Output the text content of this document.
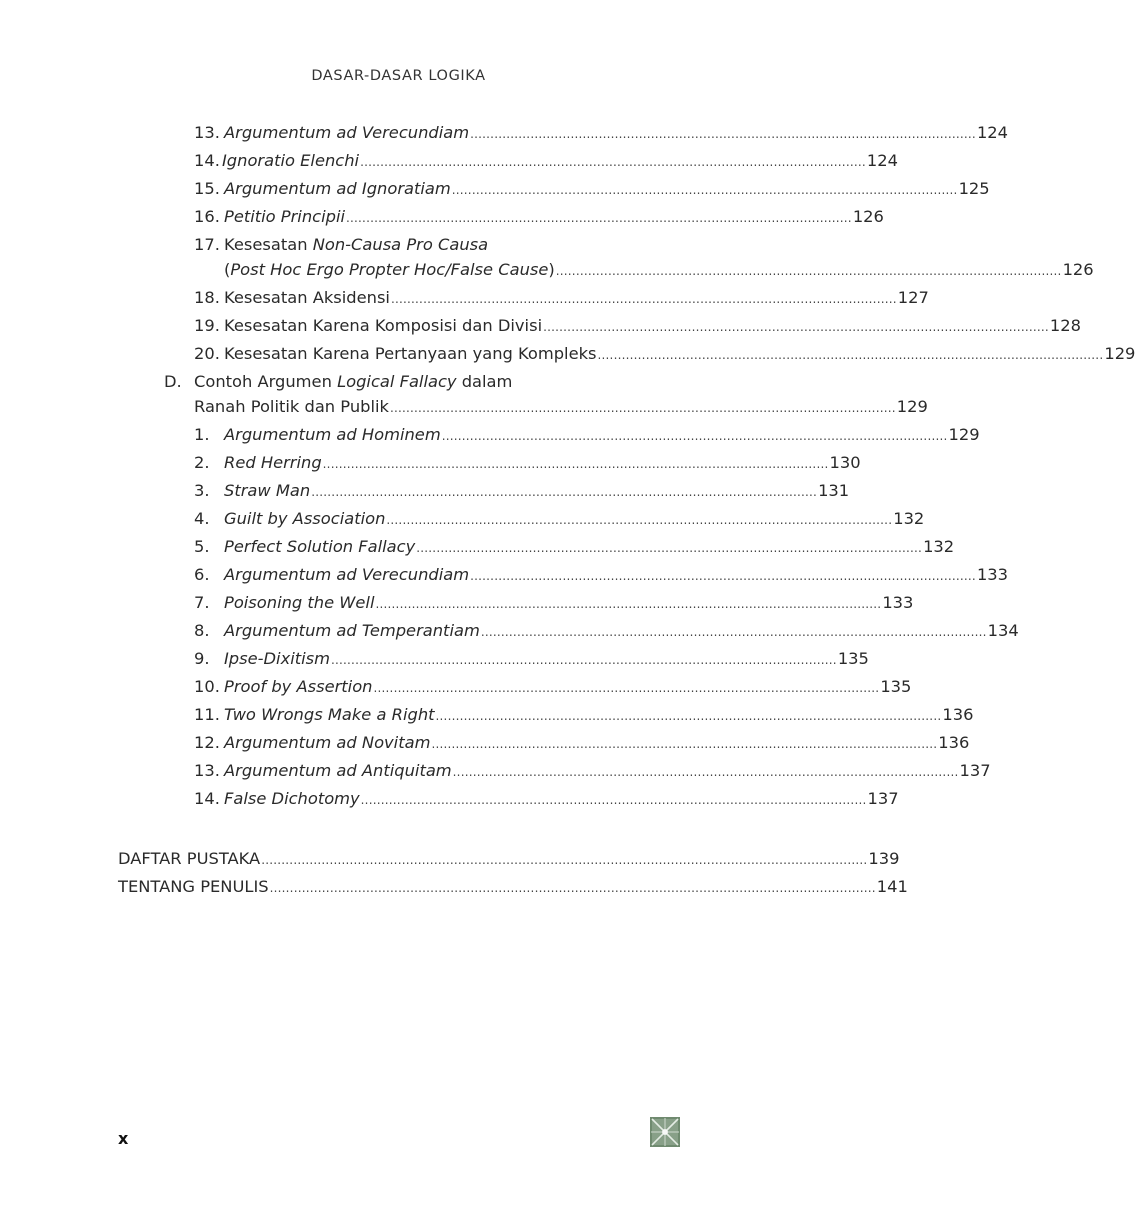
DASAR-DASAR LOGIKA
13. Argumentum ad Verecundiam .............................................................................................................................. 124
14. Ignoratio Elenchi .............................................................................................................................. 124
15. Argumentum ad Ignoratiam .............................................................................................................................. 125
16. Petitio Principii .............................................................................................................................. 126
17. Kesesatan Non-Causa Pro Causa
(Post Hoc Ergo Propter Hoc/False Cause) .............................................................................................................................. 126
18. Kesesatan Aksidensi .............................................................................................................................. 127
19. Kesesatan Karena Komposisi dan Divisi .............................................................................................................................. 128
20. Kesesatan Karena Pertanyaan yang Kompleks .............................................................................................................................. 129
D. Contoh Argumen Logical Fallacy dalam
Ranah Politik dan Publik .............................................................................................................................. 129
1. Argumentum ad Hominem .............................................................................................................................. 129
2. Red Herring .............................................................................................................................. 130
3. Straw Man .............................................................................................................................. 131
4. Guilt by Association .............................................................................................................................. 132
5. Perfect Solution Fallacy .............................................................................................................................. 132
6. Argumentum ad Verecundiam .............................................................................................................................. 133
7. Poisoning the Well .............................................................................................................................. 133
8. Argumentum ad Temperantiam .............................................................................................................................. 134
9. Ipse-Dixitism .............................................................................................................................. 135
10. Proof by Assertion .............................................................................................................................. 135
11. Two Wrongs Make a Right .............................................................................................................................. 136
12. Argumentum ad Novitam .............................................................................................................................. 136
13. Argumentum ad Antiquitam .............................................................................................................................. 137
14. False Dichotomy .............................................................................................................................. 137
DAFTAR PUSTAKA ....................................................................................................................................................... 139
TENTANG PENULIS ....................................................................................................................................................... 141
x
